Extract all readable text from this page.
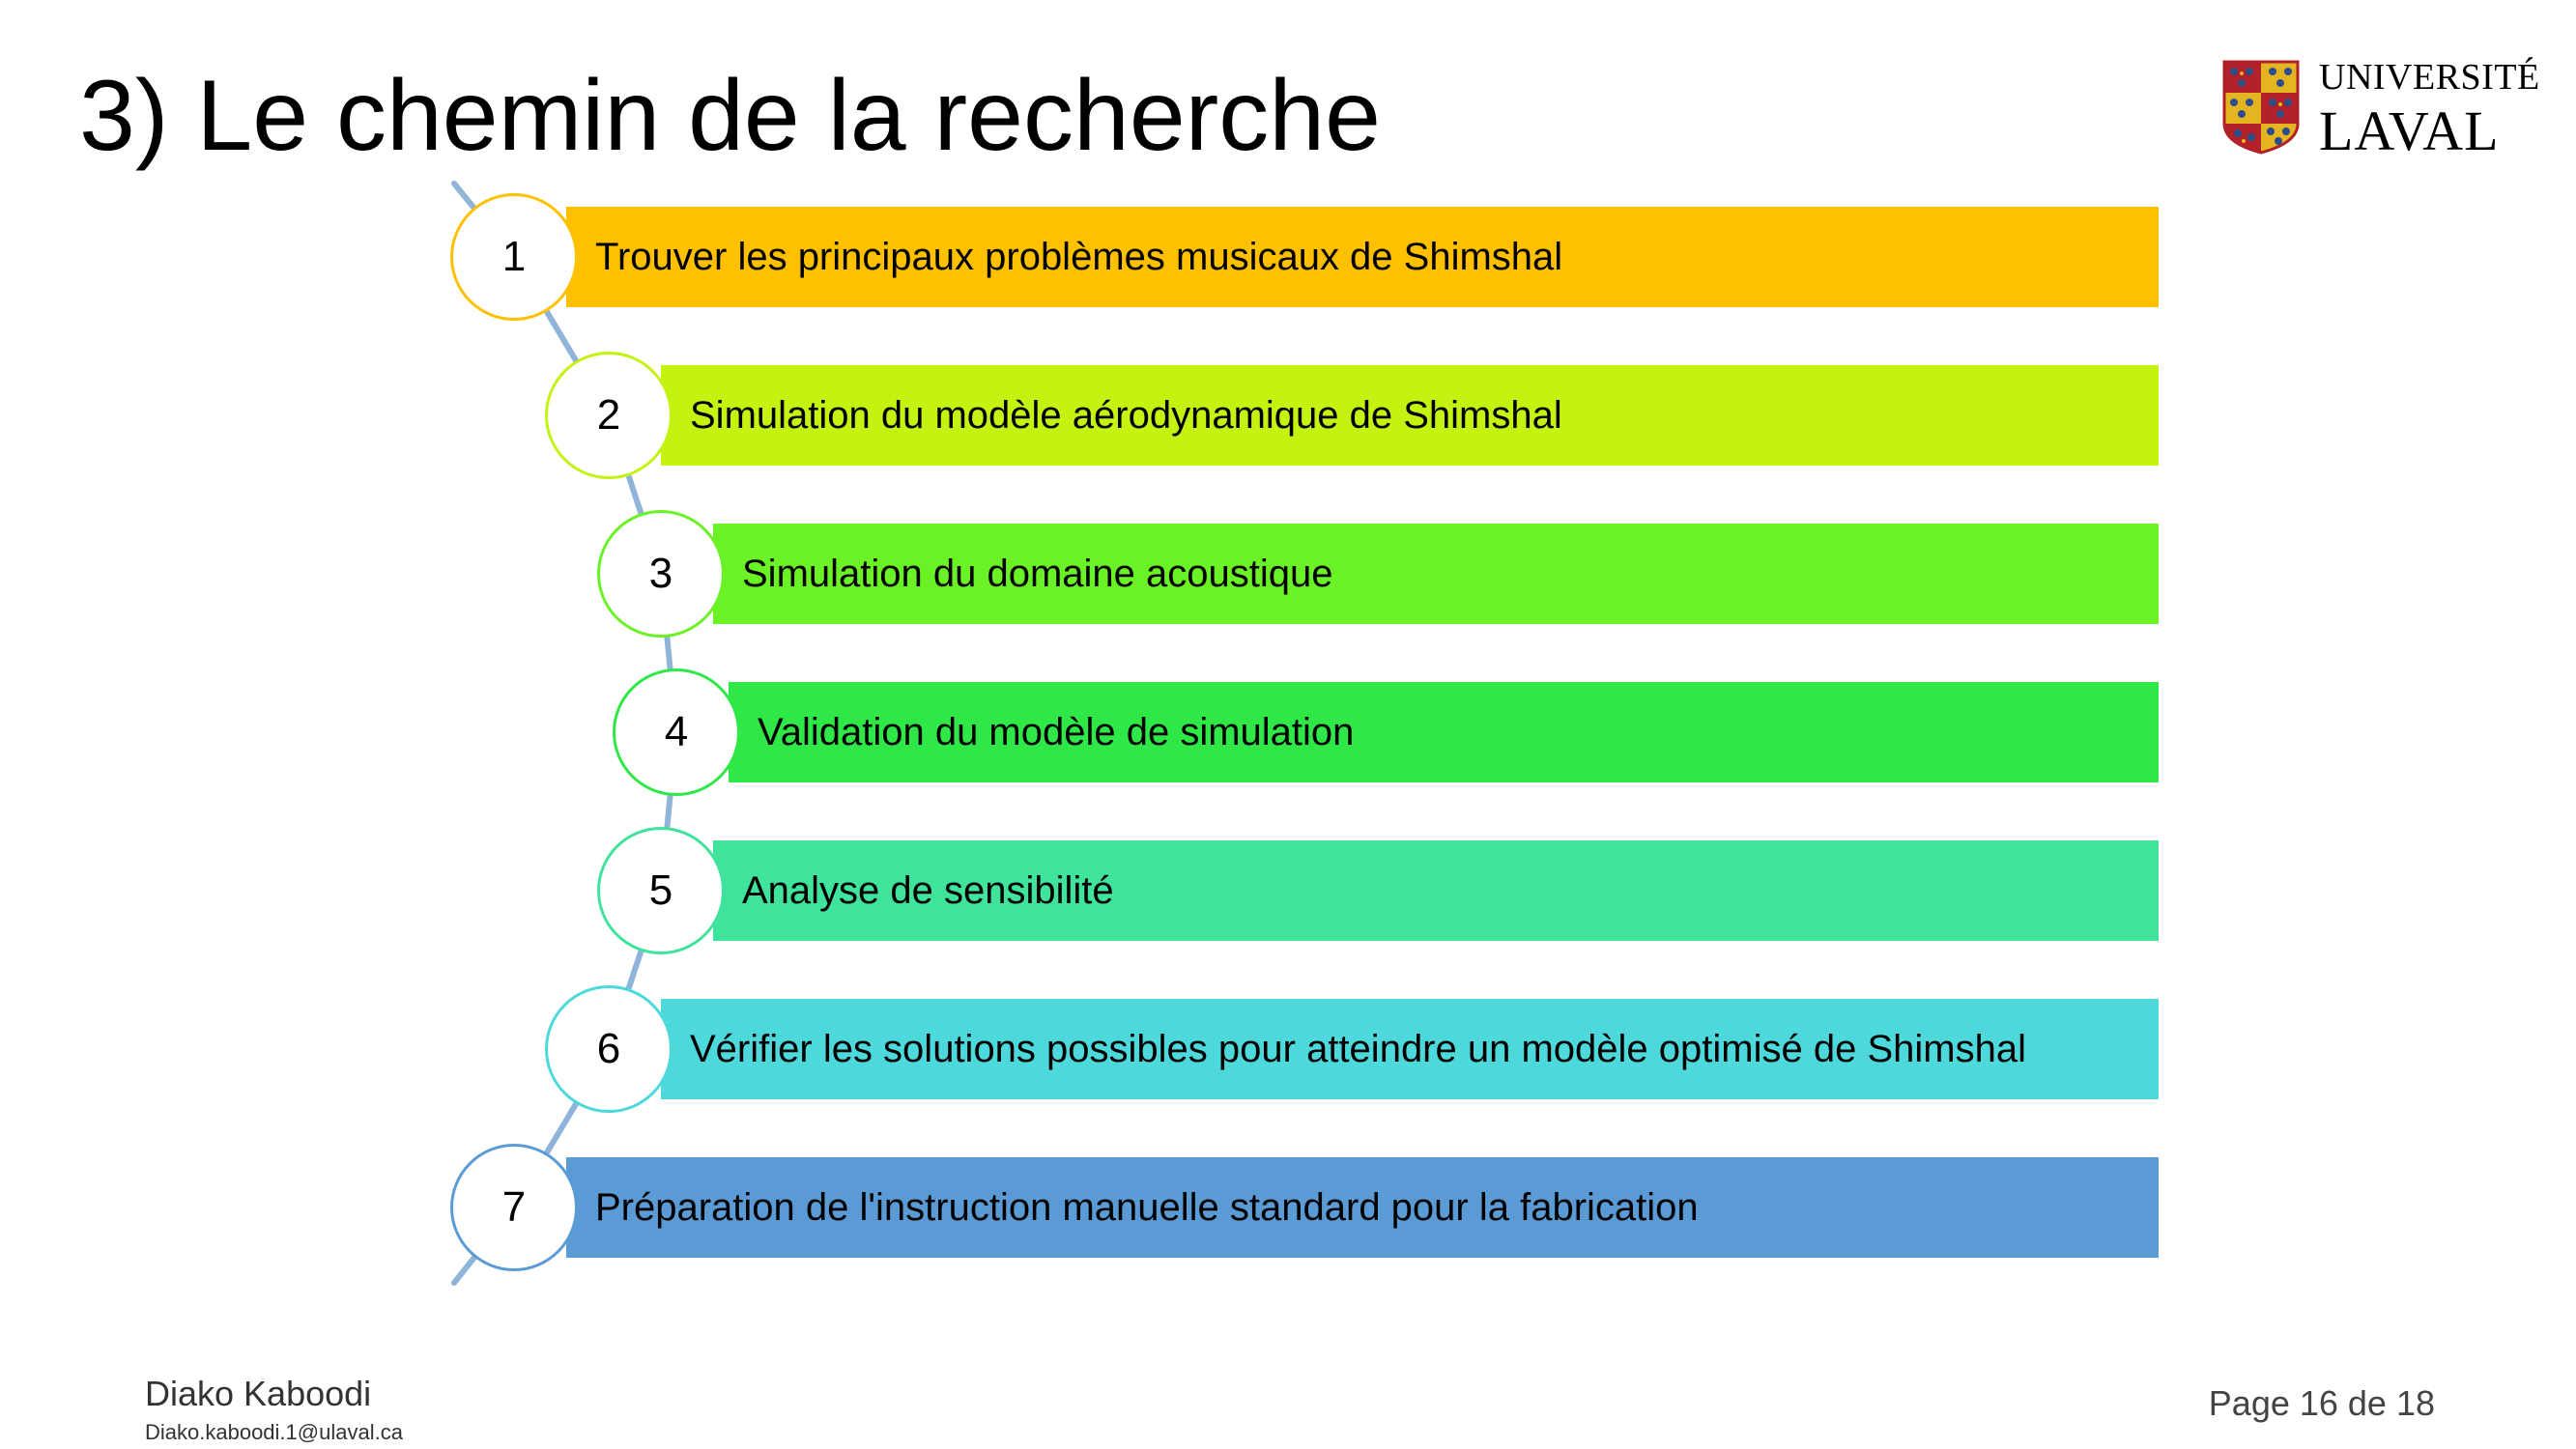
3) Le chemin de la recherche	UNIVERSITÉ
LAVAL
Trouver les principaux problèmes musicaux de Shimshal
1
Simulation du modèle aérodynamique de Shimshal
2
Simulation du domaine acoustique
3
Validation du modèle de simulation
4
Analyse de sensibilité
5
Vérifier les solutions possibles pour atteindre un modèle optimisé de Shimshal
6
Préparation de l'instruction manuelle standard pour la fabrication
7
Diako Kaboodi
Diako.kaboodi.1@ulaval.ca
Page 16 de 18
